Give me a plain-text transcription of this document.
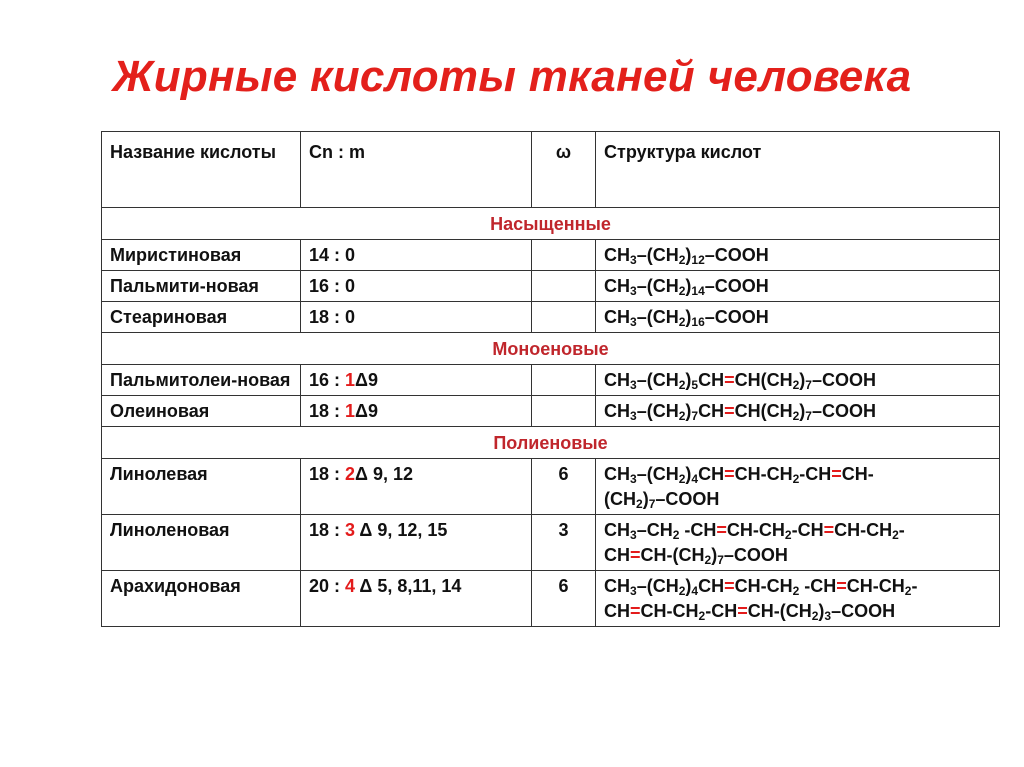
Жирные кислоты тканей человека
Название кислоты	Cn : m	ω	Структура кислот
Насыщенные			
Миристиновая	14 : 0		$CH_3-(CH_2)_{12}$–COOH
Пальмити-новая	16 : 0		$CH_3-(CH_2)_{14}$–COOH
Стеариновая	18 : 0		$CH_3-(CH_2)_{16}$–COOH
Моноеновые			
Пальмитолеи-новая	16 : 1Δ9		$CH_3-(CH_2)_5CH=CH(CH_2)_7$–COOH
Олеиновая	18 : 1Δ9		$CH_3-(CH_2)_7CH=CH(CH_2)_7$–COOH
Полиеновые			
Линолевая	18 : 2Δ 9, 12	6	$CH_3-(CH_2)_4CH=CH-CH_2-CH=CH-$
$(CH_2)_7$–COOH
Линоленовая	18 : 3 Δ 9, 12, 15	3	$CH_3-CH_2$ $-CH=CH-CH_2-CH=CH-CH_2-$
$CH=CH-(CH_2)_7$–COOH
Арахидоновая	20 : 4 Δ 5, 8,11, 14	6	$CH_3-(CH_2)_4CH=CH-CH_2$ $-CH=CH-CH_2-$
$CH=CH-CH_2-CH=CH-(CH_2)_3$–COOH
